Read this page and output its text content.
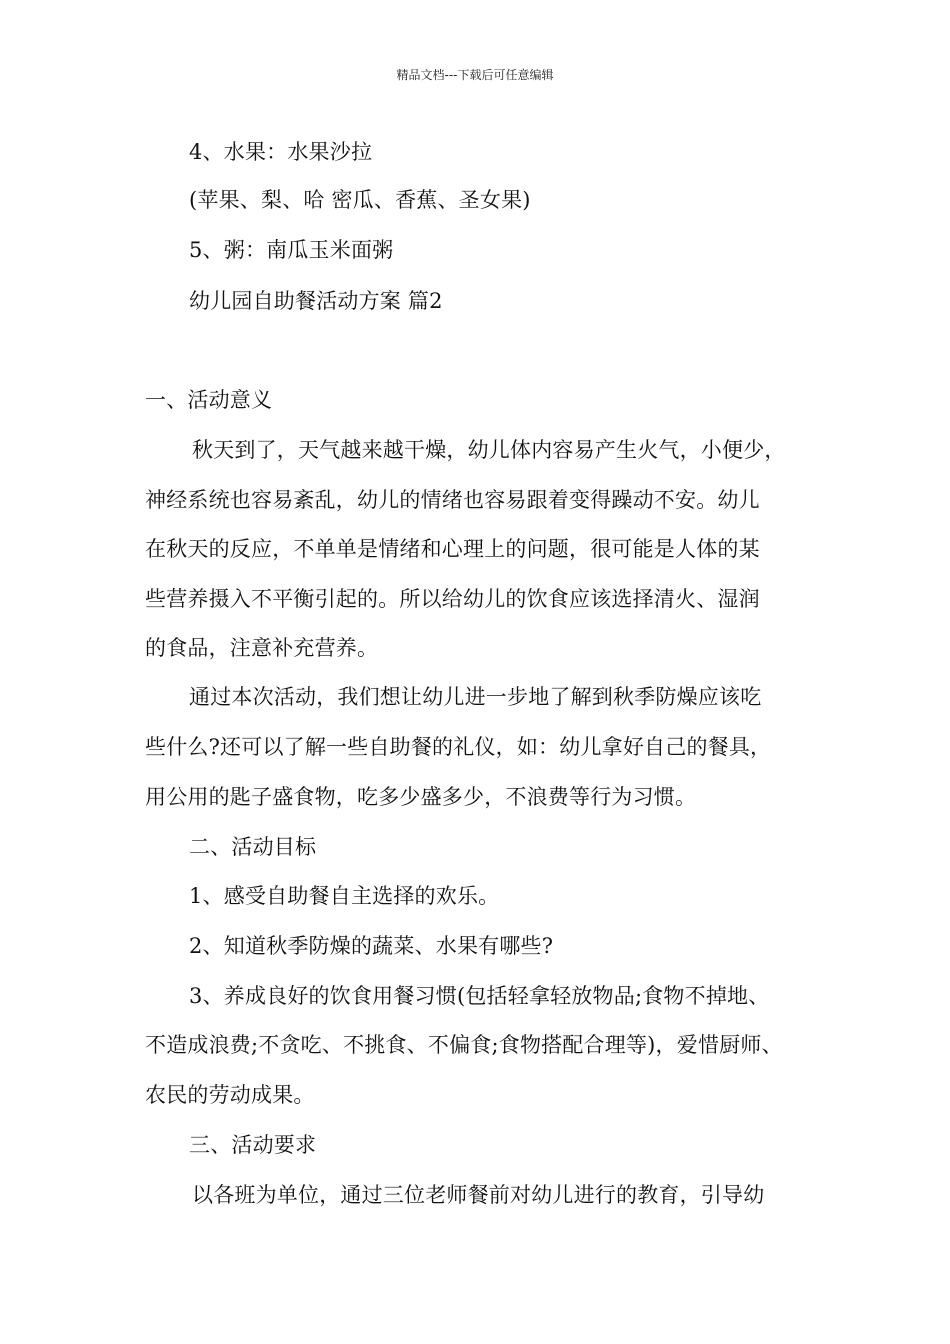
精品文档---下载后可任意编辑
4、水果：水果沙拉
(苹果、梨、哈 密瓜、香蕉、圣女果)
5、粥：南瓜玉米面粥
幼儿园自助餐活动方案 篇2
一、活动意义
秋天到了，天气越来越干燥，幼儿体内容易产生火气，小便少，
神经系统也容易紊乱，幼儿的情绪也容易跟着变得躁动不安。幼儿
在秋天的反应，不单单是情绪和心理上的问题，很可能是人体的某
些营养摄入不平衡引起的。所以给幼儿的饮食应该选择清火、湿润
的食品，注意补充营养。
通过本次活动，我们想让幼儿进一步地了解到秋季防燥应该吃
些什么?还可以了解一些自助餐的礼仪，如：幼儿拿好自己的餐具，
用公用的匙子盛食物，吃多少盛多少，不浪费等行为习惯。
二、活动目标
1、感受自助餐自主选择的欢乐。
2、知道秋季防燥的蔬菜、水果有哪些?
3、养成良好的饮食用餐习惯(包括轻拿轻放物品;食物不掉地、
不造成浪费;不贪吃、不挑食、不偏食;食物搭配合理等)，爱惜厨师、
农民的劳动成果。
三、活动要求
以各班为单位，通过三位老师餐前对幼儿进行的教育，引导幼
